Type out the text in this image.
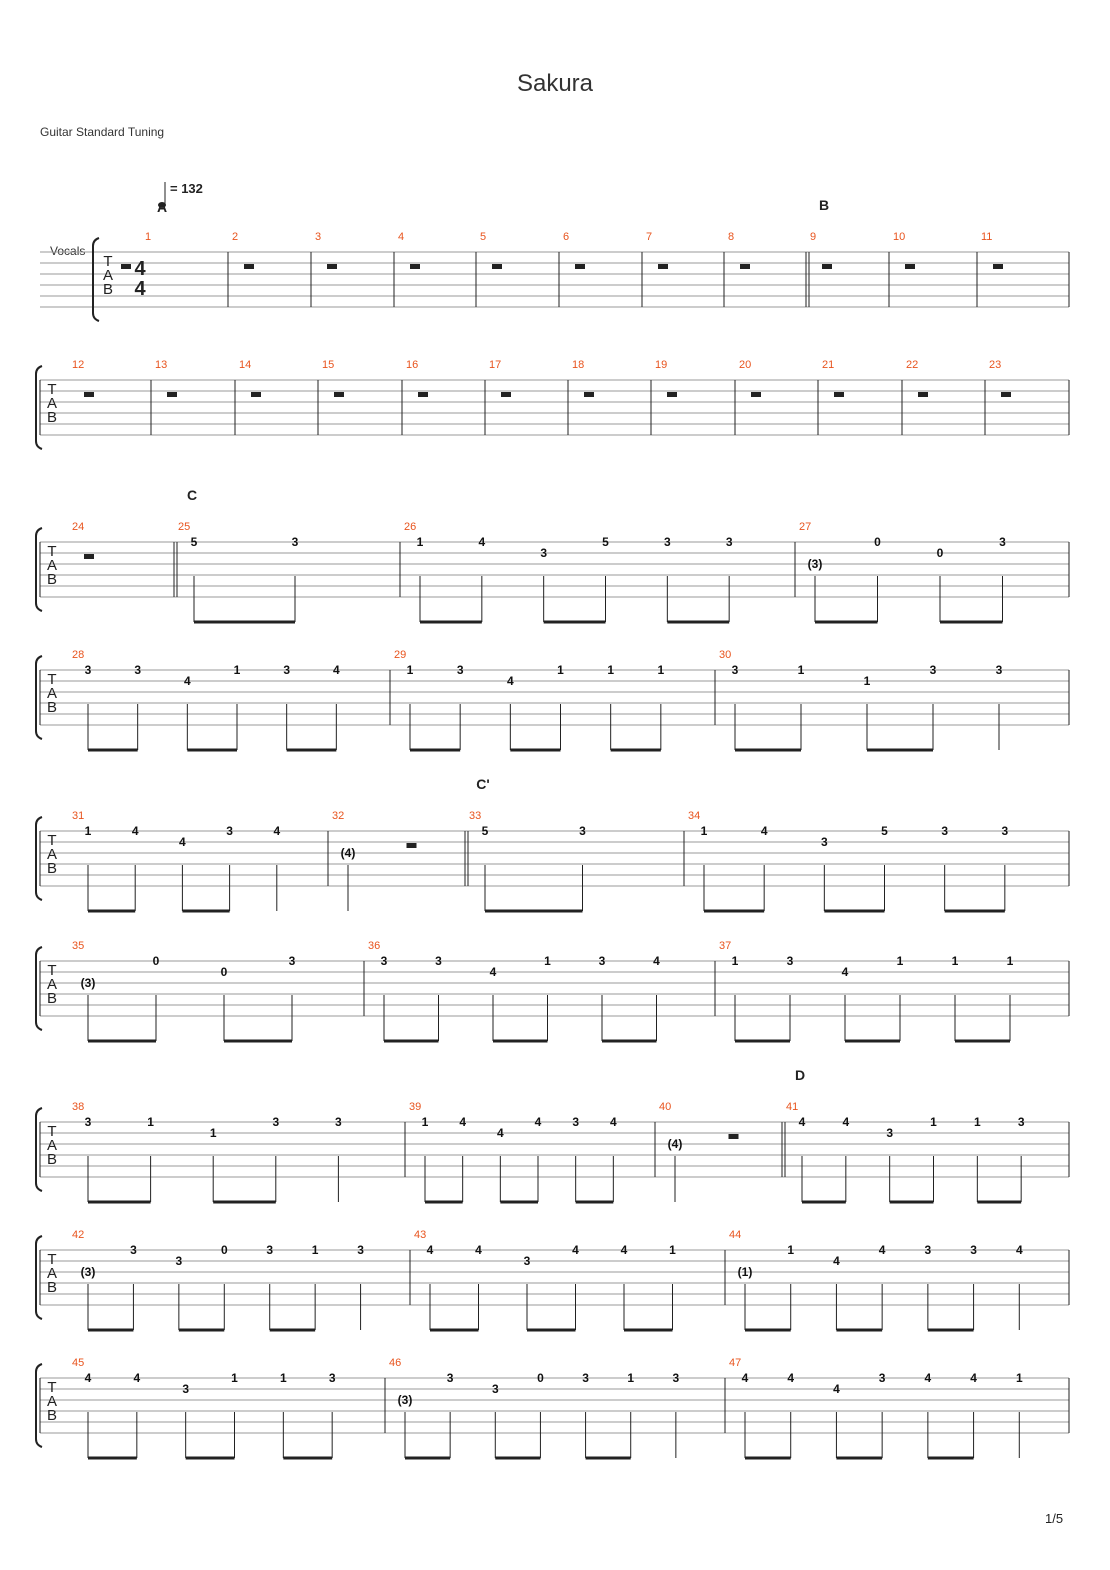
Sakura
Guitar Standard Tuning
1/5
= 132
Vocals
T
A
B
4
4
A
1	2	3	4	5	6	7	8
B
9	10	11
T
A
B
12	13	14	15	16	17	18	19	20	21	22	23
T
A
B
24
C
25
5	3
26
1	4
3
5	3	3
27
(3)
0
0
3
T
A
B
28
3	3
4
1	3	4
29
1	3
4
1	1	1
30
3	1
1
3	3
T
A
B
31
1	4
4
3	4
32
(4)
C'
33
5	3
34
1	4
3
5	3	3
T
A
B
35
(3)
0
0
3
36
3	3
4
1	3	4
37
1	3
4
1	1	1
T
A
B
38
3	1
1
3	3
39
1	4
4
4	3	4
40
(4)
D
41
4	4
3
1	1	3
T
A
B
42
(3)
3
3
0	3	1	3
43
4	4
3
4	4	1
44
(1)
1
4
4	3	3	4
T
A
B
45
4	4
3
1	1	3
46
(3)
3
3
0	3	1	3
47
4	4
4
3	4	4	1
